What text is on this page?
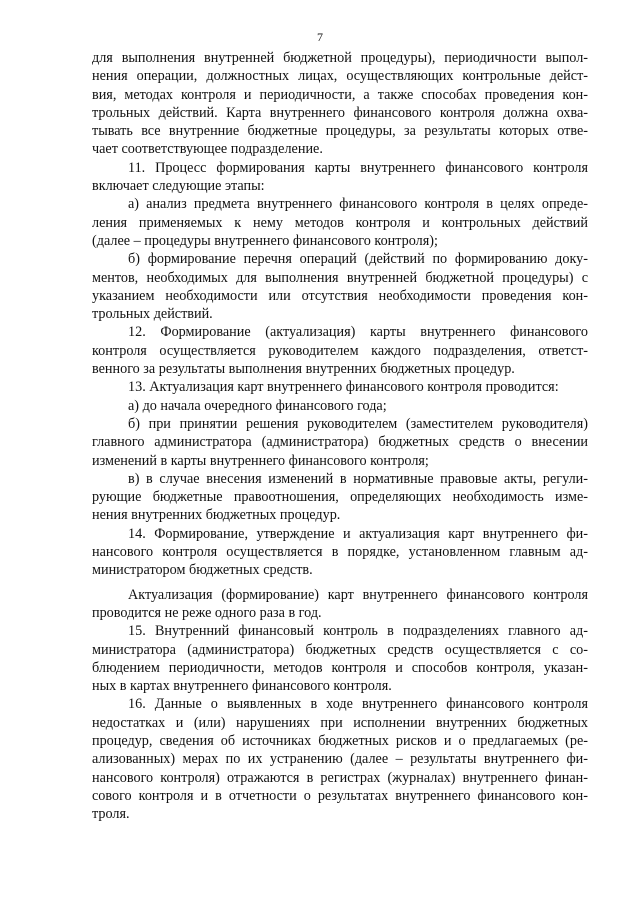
7
для выполнения внутренней бюджетной процедуры), периодичности выпол-
нения операции, должностных лицах, осуществляющих контрольные дейст-
вия, методах контроля и периодичности, а также способах проведения кон-
трольных действий. Карта внутреннего финансового контроля должна охва-
тывать все внутренние бюджетные процедуры, за результаты которых отве-
чает соответствующее подразделение.
11. Процесс формирования карты внутреннего финансового контроля
включает следующие этапы:
а) анализ предмета внутреннего финансового контроля в целях опреде-
ления применяемых к нему методов контроля и контрольных действий
(далее – процедуры внутреннего финансового контроля);
б) формирование перечня операций (действий по формированию доку-
ментов, необходимых для выполнения внутренней бюджетной процедуры) с
указанием необходимости или отсутствия необходимости проведения кон-
трольных действий.
12. Формирование (актуализация) карты внутреннего финансового
контроля осуществляется руководителем каждого подразделения, ответст-
венного за результаты выполнения внутренних бюджетных процедур.
13. Актуализация карт внутреннего финансового контроля проводится:
а) до начала очередного финансового года;
б) при принятии решения руководителем (заместителем руководителя)
главного администратора (администратора) бюджетных средств о внесении
изменений в карты внутреннего финансового контроля;
в) в случае внесения изменений в нормативные правовые акты, регули-
рующие бюджетные правоотношения, определяющих необходимость изме-
нения внутренних бюджетных процедур.
14. Формирование, утверждение и актуализация карт внутреннего фи-
нансового контроля осуществляется в порядке, установленном главным ад-
министратором бюджетных средств.
Актуализация (формирование) карт внутреннего финансового контроля
проводится не реже одного раза в год.
15. Внутренний финансовый контроль в подразделениях главного ад-
министратора (администратора) бюджетных средств осуществляется с со-
блюдением периодичности, методов контроля и способов контроля, указан-
ных в картах внутреннего финансового контроля.
16. Данные о выявленных в ходе внутреннего финансового контроля
недостатках и (или) нарушениях при исполнении внутренних бюджетных
процедур, сведения об источниках бюджетных рисков и о предлагаемых (ре-
ализованных) мерах по их устранению (далее – результаты внутреннего фи-
нансового контроля) отражаются в регистрах (журналах) внутреннего финан-
сового контроля и в отчетности о результатах внутреннего финансового кон-
троля.
